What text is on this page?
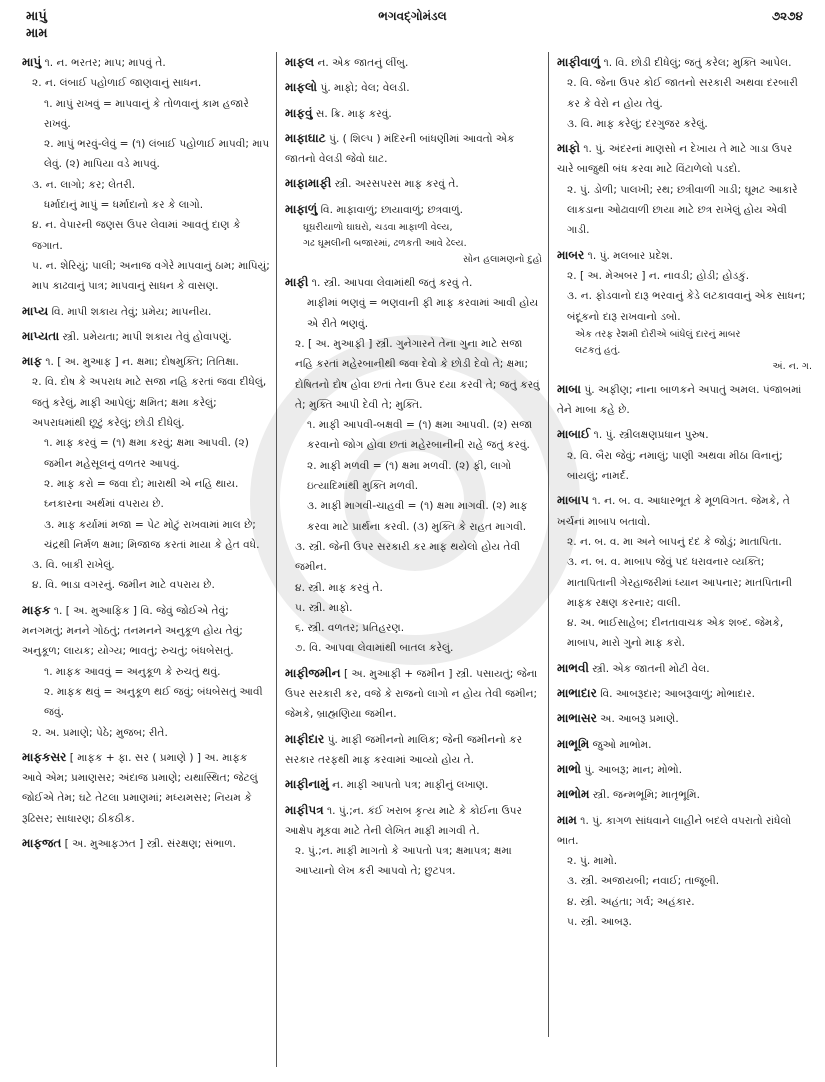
માપું
મામ
ભગવદ્ગોમંડલ	૭૨૭૪
માપું ૧. ન. ભરતર; માપ; માપવું તે.
૨. ન. લંબાઈ પહોળાઈ જાણવાનું સાધન.
૧. માપું રાખવું = માપવાનું કે તોળવાનું કામ હજારે રાખવું.
૨. માપું ભરવું-લેવું = (૧) લંબાઈ પહોળાઈ માપવી; માપ લેવું. (૨) માપિયા વડે માપવું.
૩. ન. લાગો; કર; લેતરી.
ધર્માદાનું માપું = ધર્માદાનો કર કે લાગો.
૪. ન. વેપારની જણસ ઉપર લેવામાં આવતું દાણ કે જગાત.
૫. ન. શેરિયું; પાલી; અનાજ વગેરે માપવાનું ઠામ; માપિયું; માપ કાઢવાનું પાત્ર; માપવાનું સાધન કે વાસણ.
માપ્ય વિ. માપી શકાય તેવું; પ્રમેય; માપનીય.
માપ્યતા સ્ત્રી. પ્રમેયતા; માપી શકાય તેવું હોવાપણું.
માફ ૧. [ અ. મુઆફ ] ન. ક્ષમા; દોષમુક્તિ; તિતિક્ષા.
૨. વિ. દોષ કે અપરાધ માટે સજા નહિ કરતાં જવા દીધેલું, જતું કરેલું, માફી આપેલું; ક્ષમિત; ક્ષમા કરેલું; અપરાધમાંથી છૂટું કરેલું; છોડી દીધેલું.
૧. માફ કરવું = (૧) ક્ષમા કરવું; ક્ષમા આપવી. (૨) જમીન મહેસૂલનું વળતર આપવું.
૨. માફ કરો = જવા દો; મારાથી એ નહિ થાય. ઘ્નકારના અર્થમાં વપરાય છે.
૩. માફ કર્યામાં મજા = પેટ મોટું રાખવામાં માલ છે; ચંદ્રથી નિર્મળ ક્ષમા; મિજાજ કરતાં માયા કે હેત વધે.
૩. વિ. બાકી રાખેલું.
૪. વિ. ભાડા વગરનું. જમીન માટે વપરાય છે.
માફક ૧. [ અ. મુઆફિક ] વિ. જેવું જોઈએ તેવું; મનગમતું; મનને ગોઠતું; તનમનને અનુકૂળ હોય તેવું; અનુકૂળ; લાયક; યોગ્ય; ભાવતું; રુચતું; બંધબેસતું.
૧. માફક આવવું = અનુકૂળ કે રુચતું થવું.
૨. માફક થવું = અનુકૂળ થઈ જવું; બંધબેસતું આવી જવું.
૨. અ. પ્રમાણે; પેઠે; મુજબ; રીતે.
માફકસર [ માફક + ફા. સર ( પ્રમાણે ) ] અ. માફક આવે એમ; પ્રમાણસર; અંદાજ પ્રમાણે; યથાસ્થિત; જેટલું જોઈએ તેમ; ઘટે તેટલા પ્રમાણમાં; મધ્યમસર; નિયમ કે રૂઢિસર; સાધારણ; ઠીકઠીક.
માફજત [ અ. મુઆફઝત ] સ્ત્રી. સંરક્ષણ; સંભાળ.
માફલ ન. એક જાતનું લીંબુ.
માફલો પું. માફો; વેલ; વેલડી.
માફવું સ. ક્રિ. માફ કરવું.
માફાઘાટ પું. ( શિલ્પ ) મંદિરની બાંધણીમાં આવતો એક જાતનો વેલડી જેવો ઘાટ.
માફામાફી સ્ત્રી. અરસપરસ માફ કરવું તે.
માફાળું વિ. માફાવાળું; છાયાવાળું; છત્રવાળું.
ઘૂઘરીયાળો ઘાઘરો, ચડવા માફાળી વેલ્ય,
ગઢ ઘૂમલીની બજારમાં, ઢળકતી આવે ઢેલ્ય.
સોન હલામણનો દુહો
માફી ૧. સ્ત્રી. આપવા લેવામાંથી જતું કરવું તે.
માફીમાં ભણવું = ભણવાની ફી માફ કરવામાં આવી હોય એ રીતે ભણવું.
૨. [ અ. મુઆફી ] સ્ત્રી. ગુનેગારને તેના ગુના માટે સજા નહિ કરતાં મહેરબાનીથી જવા દેવો કે છોડી દેવો તે; ક્ષમા; દોષિતનો દોષ હોવા છતાં તેના ઉપર દયા કરવી તે; જતું કરવું તે; મુક્તિ આપી દેવી તે; મુક્તિ.
૧. માફી આપવી-બક્ષવી = (૧) ક્ષમા આપવી. (૨) સજા કરવાનો જોગ હોવા છતાં મહેરબાનીની રાહે જતું કરવું.
૨. માફી મળવી = (૧) ક્ષમા મળવી. (૨) ફી, લાગો ઇત્યાદિમાંથી મુક્તિ મળવી.
૩. માફી માગવી-ચાહવી = (૧) ક્ષમા માગવી. (૨) માફ કરવા માટે પ્રાર્થના કરવી. (૩) મુક્તિ કે રાહત માગવી.
૩. સ્ત્રી. જેની ઉપર સરકારી કર માફ થયેલો હોય તેવી જમીન.
૪. સ્ત્રી. માફ કરવું તે.
૫. સ્ત્રી. માફો.
૬. સ્ત્રી. વળતર; પ્રતિહરણ.
૭. વિ. આપવા લેવામાંથી બાતલ કરેલું.
માફીજમીન [ અ. મુઆફી + જમીન ] સ્ત્રી. પસાયતું; જેના ઉપર સરકારી કર, વજે કે રાજનો લાગો ન હોય તેવી જમીન; જેમકે, બ્રાહ્મણિયા જમીન.
માફીદાર પું. માફી જમીનનો માલિક; જેની જમીનનો કર સરકાર તરફથી માફ કરવામાં આવ્યો હોય તે.
માફીનામું ન. માફી આપતો પત્ર; માફીનું લખાણ.
માફીપત્ર ૧. પું.;ન. કંઈ ખરાબ કૃત્ય માટે કે કોઈના ઉપર આક્ષેપ મૂકવા માટે તેની લેખિત માફી માગવી તે.
૨. પું.;ન. માફી માગતો કે આપતો પત્ર; ક્ષમાપત્ર; ક્ષમા આપ્યાનો લેખ કરી આપવો તે; છુટપત્ર.
માફીવાળું ૧. વિ. છોડી દીધેલું; જતું કરેલ; મુક્તિ આપેલ.
૨. વિ. જેના ઉપર કોઈ જાતનો સરકારી અથવા દરબારી કર કે વેરો ન હોય તેવું.
૩. વિ. માફ કરેલું; દરગુજર કરેલું.
માફો ૧. પું. અંદરનાં માણસો ન દેખાય તે માટે ગાડા ઉપર ચારે બાજુથી બંધ કરવા માટે વિંટાળેલો પડદો.
૨. પું. ડોળી; પાલખી; રથ; છત્રીવાળી ગાડી; ઘૂમટ આકારે લાકડાના ઓઢાવાળી છાયા માટે છત્ર રાખેલું હોય એવી ગાડી.
માબર ૧. પું. મલબાર પ્રદેશ.
૨. [ અ. મેઅબર ] ન. નાવડી; હોડી; હોડકું.
૩. ન. ફોડવાનો દારૂ ભરવાનું કેડે લટકાવવાનું એક સાધન; બંદૂકનો દારૂ રાખવાનો ડબો.
એક તરફ રેશમી દોરીએ બાંધેલું દારનું માબર
લટકતું હતું.
અં. ન. ગ.
માબા પું. અફીણ; નાના બાળકને અપાતું અમલ. પંજાબમાં તેને માબા કહે છે.
માબાઈ ૧. પું. સ્ત્રીલક્ષણપ્રધાન પુરુષ.
૨. વિ. બૈરા જેવું; નમાલું; પાણી અથવા મીઠા વિનાનું; બાયલું; નામર્દ.
માબાપ ૧. ન. બ. વ. આધારભૂત કે મૂળવિગત. જેમકે, તે ખર્ચનાં માબાપ બતાવો.
૨. ન. બ. વ. મા અને બાપનું દંદ કે જોડું; માતાપિતા.
૩. ન. બ. વ. માબાપ જેવું પદ ધરાવનાર વ્યક્તિ; માતાપિતાની ગેરહાજરીમાં ધ્યાન આપનાર; માતપિતાની માફક રક્ષણ કરનાર; વાલી.
૪. અ. ભાઈસાહેબ; દીનતાવાચક એક શબ્દ. જેમકે, માબાપ, મારો ગુનો માફ કરો.
માભવી સ્ત્રી. એક જાતની મોટી વેલ.
માભાદાર વિ. આબરૂદાર; આબરૂવાળું; મોભાદાર.
માભાસર અ. આબરૂ પ્રમાણે.
માભૂમિ જુઓ માભોમ.
માભો પું. આબરૂ; માન; મોભો.
માભોમ સ્ત્રી. જન્મભૂમિ; માતૃભૂમિ.
મામ ૧. પું. કાગળ સાંધવાને લાહીને બદલે વપરાતો રાંધેલો ભાત.
૨. પું. મામો.
૩. સ્ત્રી. અજાયબી; નવાઈ; તાજૂબી.
૪. સ્ત્રી. અહંતા; ગર્વ; અહંકાર.
૫. સ્ત્રી. આબરૂ.
